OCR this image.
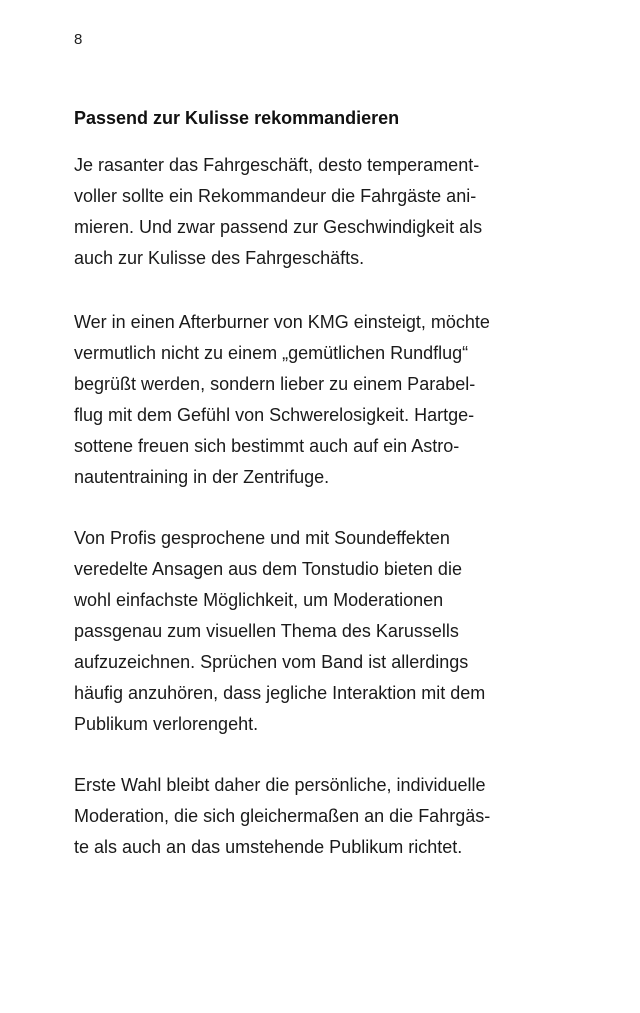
8
Passend zur Kulisse rekommandieren
Je rasanter das Fahrgeschäft, desto temperament-
voller sollte ein Rekommandeur die Fahrgäste ani-
mieren. Und zwar passend zur Geschwindigkeit als
auch zur Kulisse des Fahrgeschäfts.
Wer in einen Afterburner von KMG einsteigt, möchte
vermutlich nicht zu einem „gemütlichen Rundflug“
begrüßt werden, sondern lieber zu einem Parabel-
flug mit dem Gefühl von Schwerelosigkeit. Hartge-
sottene freuen sich bestimmt auch auf ein Astro-
nautentraining in der Zentrifuge.
Von Profis gesprochene und mit Soundeffekten
veredelte Ansagen aus dem Tonstudio bieten die
wohl einfachste Möglichkeit, um Moderationen
passgenau zum visuellen Thema des Karussells
aufzuzeichnen. Sprüchen vom Band ist allerdings
häufig anzuhören, dass jegliche Interaktion mit dem
Publikum verlorengeht.
Erste Wahl bleibt daher die persönliche, individuelle
Moderation, die sich gleichermaßen an die Fahrgäs-
te als auch an das umstehende Publikum richtet.
